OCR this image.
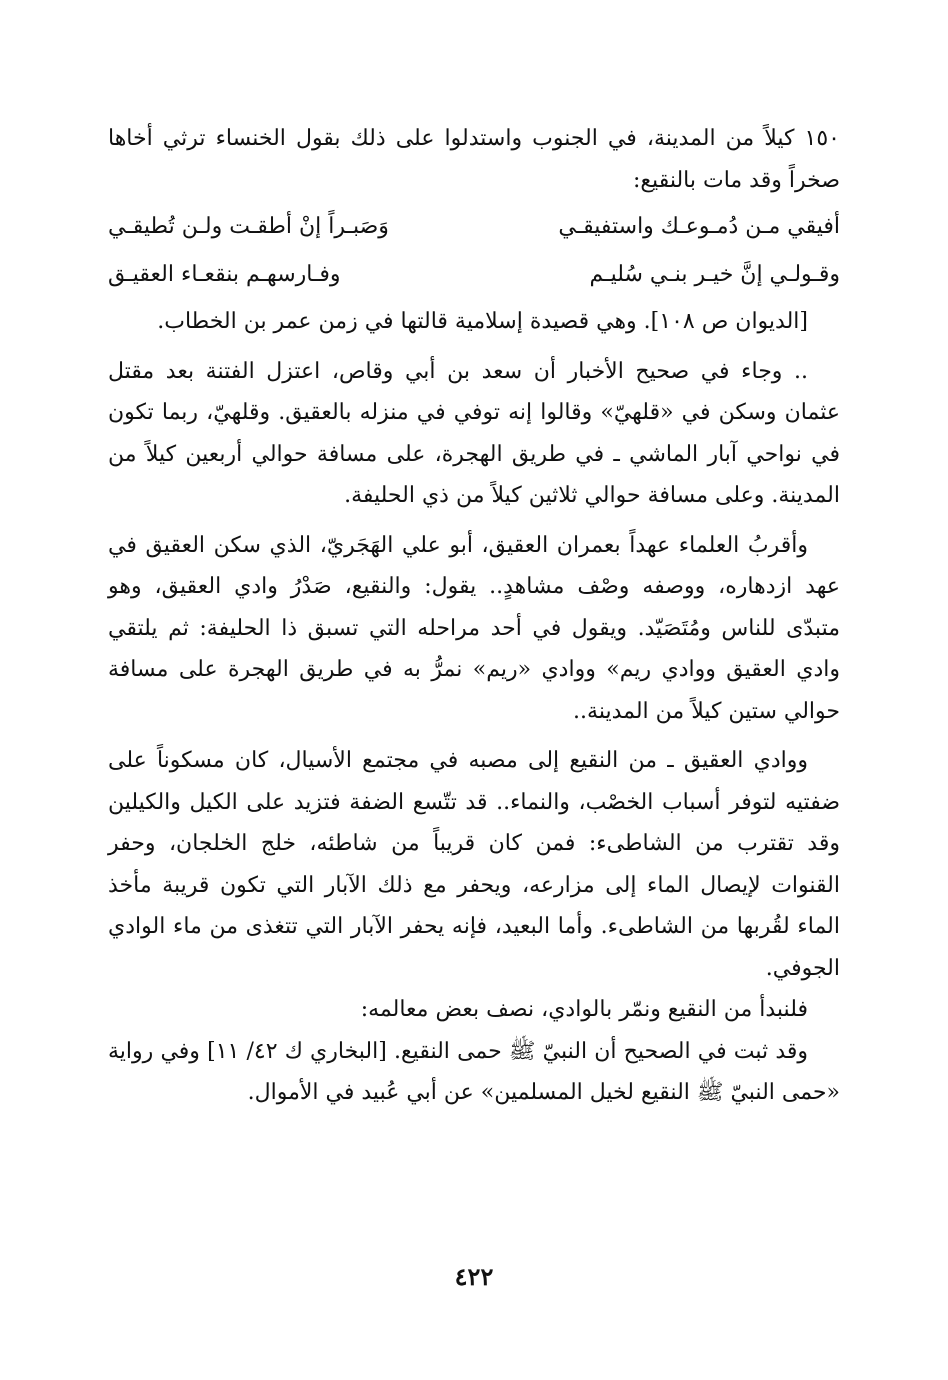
١٥٠ كيلاً من المدينة، في الجنوب واستدلوا على ذلك بقول الخنساء ترثي أخاها صخراً وقد مات بالنقيع:

أفيقي مـن دُمـوعـك واستفيقـي
وَصَبـراً إنْ أطقـت ولـن تُطيقـي
وقـولـي إنَّ خيـر بنـي سُليـم
وفـارسهـم بنقعـاء العقيـق

[الديوان ص ١٠٨]. وهي قصيدة إسلامية قالتها في زمن عمر بن الخطاب.

.. وجاء في صحيح الأخبار أن سعد بن أبي وقاص، اعتزل الفتنة بعد مقتل عثمان وسكن في «قلهيّ» وقالوا إنه توفي في منزله بالعقيق. وقلهيّ، ربما تكون في نواحي آبار الماشي ـ في طريق الهجرة، على مسافة حوالي أربعين كيلاً من المدينة. وعلى مسافة حوالي ثلاثين كيلاً من ذي الحليفة.

وأقربُ العلماء عهداً بعمران العقيق، أبو علي الهَجَريّ، الذي سكن العقيق في عهد ازدهاره، ووصفه وصْف مشاهدٍ.. يقول: والنقيع، صَدْرُ وادي العقيق، وهو متبدّى للناس ومُتَصَيّد. ويقول في أحد مراحله التي تسبق ذا الحليفة: ثم يلتقي وادي العقيق ووادي ريم» ووادي «ريم» نمرُّ به في طريق الهجرة على مسافة حوالي ستين كيلاً من المدينة..

ووادي العقيق ـ من النقيع إلى مصبه في مجتمع الأسيال، كان مسكوناً على ضفتيه لتوفر أسباب الخصْب، والنماء.. قد تتّسع الضفة فتزيد على الكيل والكيلين وقد تقترب من الشاطىء: فمن كان قريباً من شاطئه، خلج الخلجان، وحفر القنوات لإيصال الماء إلى مزارعه، ويحفر مع ذلك الآبار التي تكون قريبة مأخذ الماء لقُربها من الشاطىء. وأما البعيد، فإنه يحفر الآبار التي تتغذى من ماء الوادي الجوفي.

فلنبدأ من النقيع ونمّر بالوادي، نصف بعض معالمه:

وقد ثبت في الصحيح أن النبيّ ﷺ حمى النقيع. [البخاري ك ٤٢/ ١١] وفي رواية «حمى النبيّ ﷺ النقيع لخيل المسلمين» عن أبي عُبيد في الأموال.

٤٢٢
